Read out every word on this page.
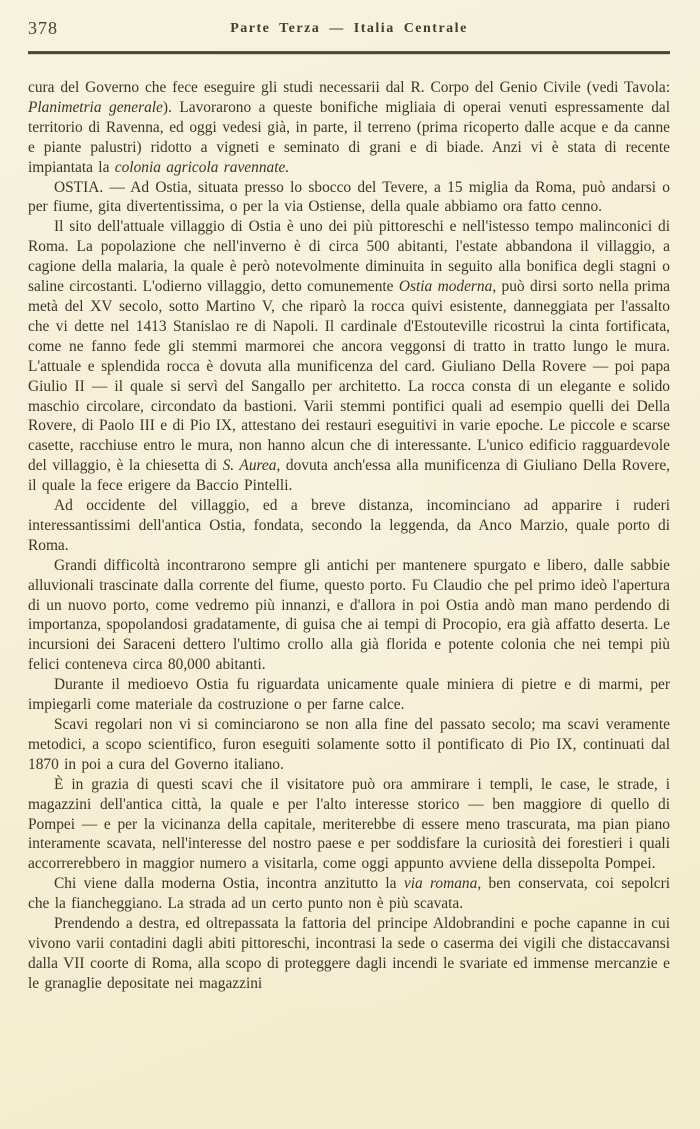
378	Parte Terza — Italia Centrale

cura del Governo che fece eseguire gli studi necessarii dal R. Corpo del Genio Civile (vedi Tavola: Planimetria generale). Lavorarono a queste bonifiche migliaia di operai venuti espressamente dal territorio di Ravenna, ed oggi vedesi già, in parte, il terreno (prima ricoperto dalle acque e da canne e piante palustri) ridotto a vigneti e seminato di grani e di biade. Anzi vi è stata di recente impiantata la colonia agricola ravennate.

OSTIA. — Ad Ostia, situata presso lo sbocco del Tevere, a 15 miglia da Roma, può andarsi o per fiume, gita divertentissima, o per la via Ostiense, della quale abbiamo ora fatto cenno.

Il sito dell'attuale villaggio di Ostia è uno dei più pittoreschi e nell'istesso tempo malinconici di Roma. La popolazione che nell'inverno è di circa 500 abitanti, l'estate abbandona il villaggio, a cagione della malaria, la quale è però notevolmente diminuita in seguito alla bonifica degli stagni o saline circostanti. L'odierno villaggio, detto comunemente Ostia moderna, può dirsi sorto nella prima metà del XV secolo, sotto Martino V, che riparò la rocca quivi esistente, danneggiata per l'assalto che vi dette nel 1413 Stanislao re di Napoli. Il cardinale d'Estouteville ricostruì la cinta fortificata, come ne fanno fede gli stemmi marmorei che ancora veggonsi di tratto in tratto lungo le mura. L'attuale e splendida rocca è dovuta alla munificenza del card. Giuliano Della Rovere — poi papa Giulio II — il quale si servì del Sangallo per architetto. La rocca consta di un elegante e solido maschio circolare, circondato da bastioni. Varii stemmi pontifici quali ad esempio quelli dei Della Rovere, di Paolo III e di Pio IX, attestano dei restauri eseguitivi in varie epoche. Le piccole e scarse casette, racchiuse entro le mura, non hanno alcun che di interessante. L'unico edificio ragguardevole del villaggio, è la chiesetta di S. Aurea, dovuta anch'essa alla munificenza di Giuliano Della Rovere, il quale la fece erigere da Baccio Pintelli.

Ad occidente del villaggio, ed a breve distanza, incominciano ad apparire i ruderi interessantissimi dell'antica Ostia, fondata, secondo la leggenda, da Anco Marzio, quale porto di Roma.

Grandi difficoltà incontrarono sempre gli antichi per mantenere spurgato e libero, dalle sabbie alluvionali trascinate dalla corrente del fiume, questo porto. Fu Claudio che pel primo ideò l'apertura di un nuovo porto, come vedremo più innanzi, e d'allora in poi Ostia andò man mano perdendo di importanza, spopolandosi gradatamente, di guisa che ai tempi di Procopio, era già affatto deserta. Le incursioni dei Saraceni dettero l'ultimo crollo alla già florida e potente colonia che nei tempi più felici conteneva circa 80,000 abitanti.

Durante il medioevo Ostia fu riguardata unicamente quale miniera di pietre e di marmi, per impiegarli come materiale da costruzione o per farne calce.

Scavi regolari non vi si cominciarono se non alla fine del passato secolo; ma scavi veramente metodici, a scopo scientifico, furon eseguiti solamente sotto il pontificato di Pio IX, continuati dal 1870 in poi a cura del Governo italiano.

È in grazia di questi scavi che il visitatore può ora ammirare i templi, le case, le strade, i magazzini dell'antica città, la quale e per l'alto interesse storico — ben maggiore di quello di Pompei — e per la vicinanza della capitale, meriterebbe di essere meno trascurata, ma pian piano interamente scavata, nell'interesse del nostro paese e per soddisfare la curiosità dei forestieri i quali accorrerebbero in maggior numero a visitarla, come oggi appunto avviene della dissepolta Pompei.

Chi viene dalla moderna Ostia, incontra anzitutto la via romana, ben conservata, coi sepolcri che la fiancheggiano. La strada ad un certo punto non è più scavata.

Prendendo a destra, ed oltrepassata la fattoria del principe Aldobrandini e poche capanne in cui vivono varii contadini dagli abiti pittoreschi, incontrasi la sede o caserma dei vigili che distaccavansi dalla VII coorte di Roma, alla scopo di proteggere dagli incendi le svariate ed immense mercanzie e le granaglie depositate nei magazzini
